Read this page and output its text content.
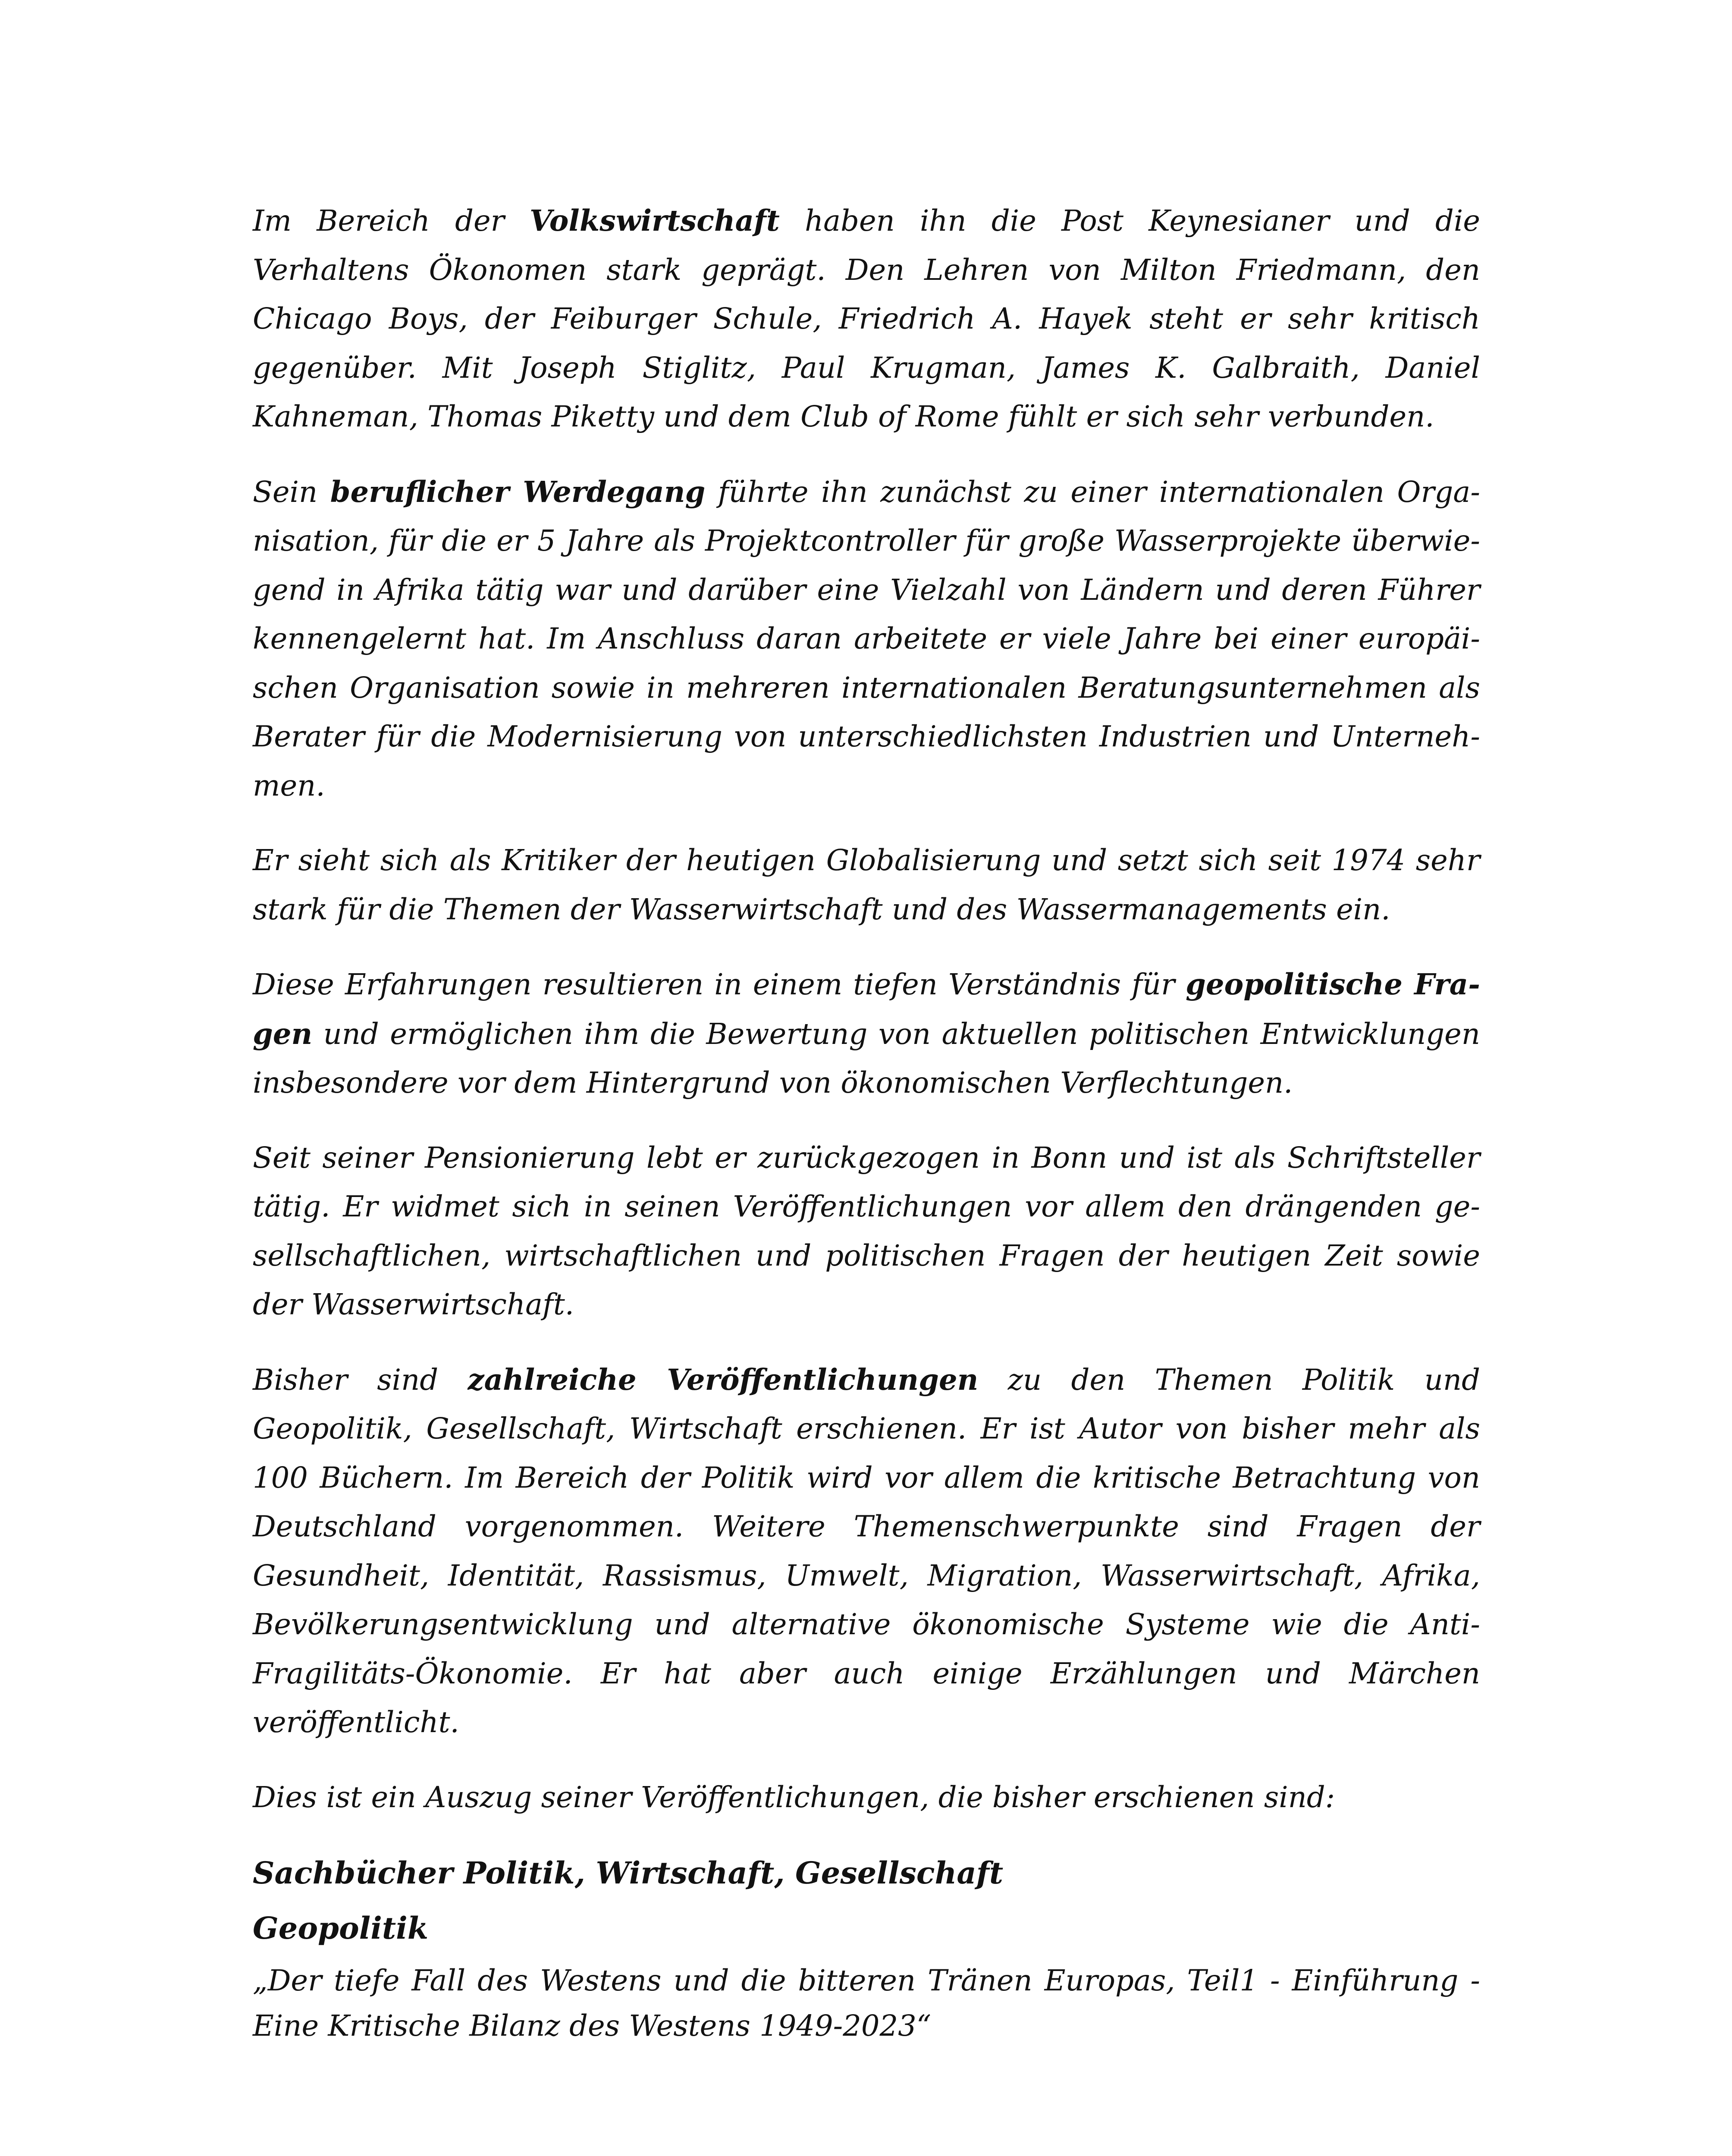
Im Bereich der Volkswirtschaft haben ihn die Post Keynesianer und die Verhaltens Ökonomen stark geprägt. Den Lehren von Milton Friedmann, den Chicago Boys, der Feiburger Schule, Friedrich A. Hayek steht er sehr kritisch gegenüber. Mit Joseph Stiglitz, Paul Krugman, James K. Galbraith, Daniel Kahneman, Thomas Piketty und dem Club of Rome fühlt er sich sehr verbunden.

Sein beruflicher Werdegang führte ihn zunächst zu einer internationalen Organisation, für die er 5 Jahre als Projektcontroller für große Wasserprojekte überwiegend in Afrika tätig war und darüber eine Vielzahl von Ländern und deren Führer kennengelernt hat. Im Anschluss daran arbeitete er viele Jahre bei einer europäischen Organisation sowie in mehreren internationalen Beratungsunternehmen als Berater für die Modernisierung von unterschiedlichsten Industrien und Unternehmen.

Er sieht sich als Kritiker der heutigen Globalisierung und setzt sich seit 1974 sehr stark für die Themen der Wasserwirtschaft und des Wassermanagements ein.

Diese Erfahrungen resultieren in einem tiefen Verständnis für geopolitische Fragen und ermöglichen ihm die Bewertung von aktuellen politischen Entwicklungen insbesondere vor dem Hintergrund von ökonomischen Verflechtungen.

Seit seiner Pensionierung lebt er zurückgezogen in Bonn und ist als Schriftsteller tätig. Er widmet sich in seinen Veröffentlichungen vor allem den drängenden gesellschaftlichen, wirtschaftlichen und politischen Fragen der heutigen Zeit sowie der Wasserwirtschaft.

Bisher sind zahlreiche Veröffentlichungen zu den Themen Politik und Geopolitik, Gesellschaft, Wirtschaft erschienen. Er ist Autor von bisher mehr als 100 Büchern. Im Bereich der Politik wird vor allem die kritische Betrachtung von Deutschland vorgenommen. Weitere Themenschwerpunkte sind Fragen der Gesundheit, Identität, Rassismus, Umwelt, Migration, Wasserwirtschaft, Afrika, Bevölkerungsentwicklung und alternative ökonomische Systeme wie die Anti-Fragilitäts-Ökonomie. Er hat aber auch einige Erzählungen und Märchen veröffentlicht.

Dies ist ein Auszug seiner Veröffentlichungen, die bisher erschienen sind:

Sachbücher Politik, Wirtschaft, Gesellschaft
Geopolitik

„Der tiefe Fall des Westens und die bitteren Tränen Europas, Teil1 - Einführung - Eine Kritische Bilanz des Westens 1949-2023“
